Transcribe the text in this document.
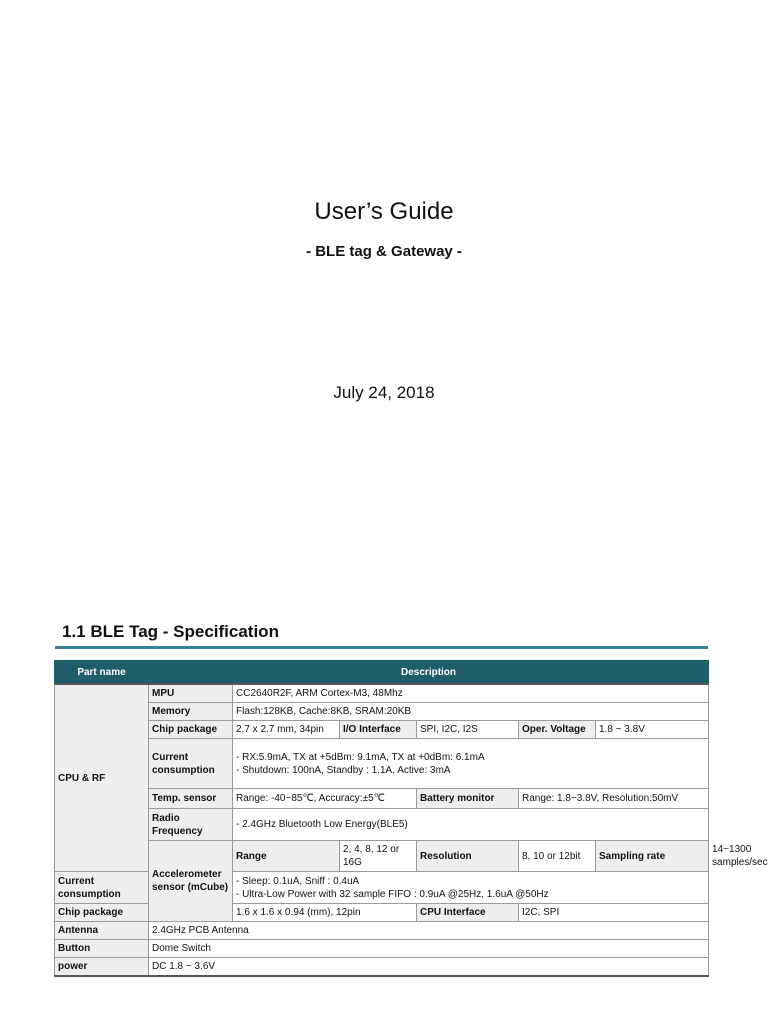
User’s Guide
- BLE tag & Gateway -
July 24, 2018
1.1 BLE Tag - Specification
Part name	Description						
CPU & RF	MPU	CC2640R2F, ARM Cortex-M3, 48Mhz					
	Memory	Flash:128KB, Cache:8KB, SRAM:20KB					
	Chip package	2.7 x 2.7 mm, 34pin	I/O Interface	SPI, I2C, I2S	Oper. Voltage	1.8 ~ 3.8V	
	Current consumption	- RX:5.9mA, TX at +5dBm: 9.1mA, TX at +0dBm: 6.1mA
- Shutdown: 100nA, Standby : 1.1A, Active: 3mA					

	Temp. sensor	Range: -40~85℃, Accuracy:±5℃		Battery monitor	Range: 1.8~3.8V, Resolution:50mV		
	Radio Frequency	- 2.4GHz Bluetooth Low Energy(BLE5)					
	Accelerometer sensor (mCube)	Range	2, 4, 8, 12 or 16G	Resolution	8, 10 or 12bit	Sampling rate	14~1300 samples/sec
Current consumption		- Sleep: 0.1uA, Sniff : 0.4uA
- Ultra-Low Power with 32 sample FIFO : 0.9uA @25Hz, 1.6uA @50Hz					

Chip package		1.6 x 1.6 x 0.94 (mm), 12pin		CPU Interface	I2C, SPI		
Antenna	2.4GHz PCB Antenna						
Button	Dome Switch						
power	DC 1.8 ~ 3.6V						
